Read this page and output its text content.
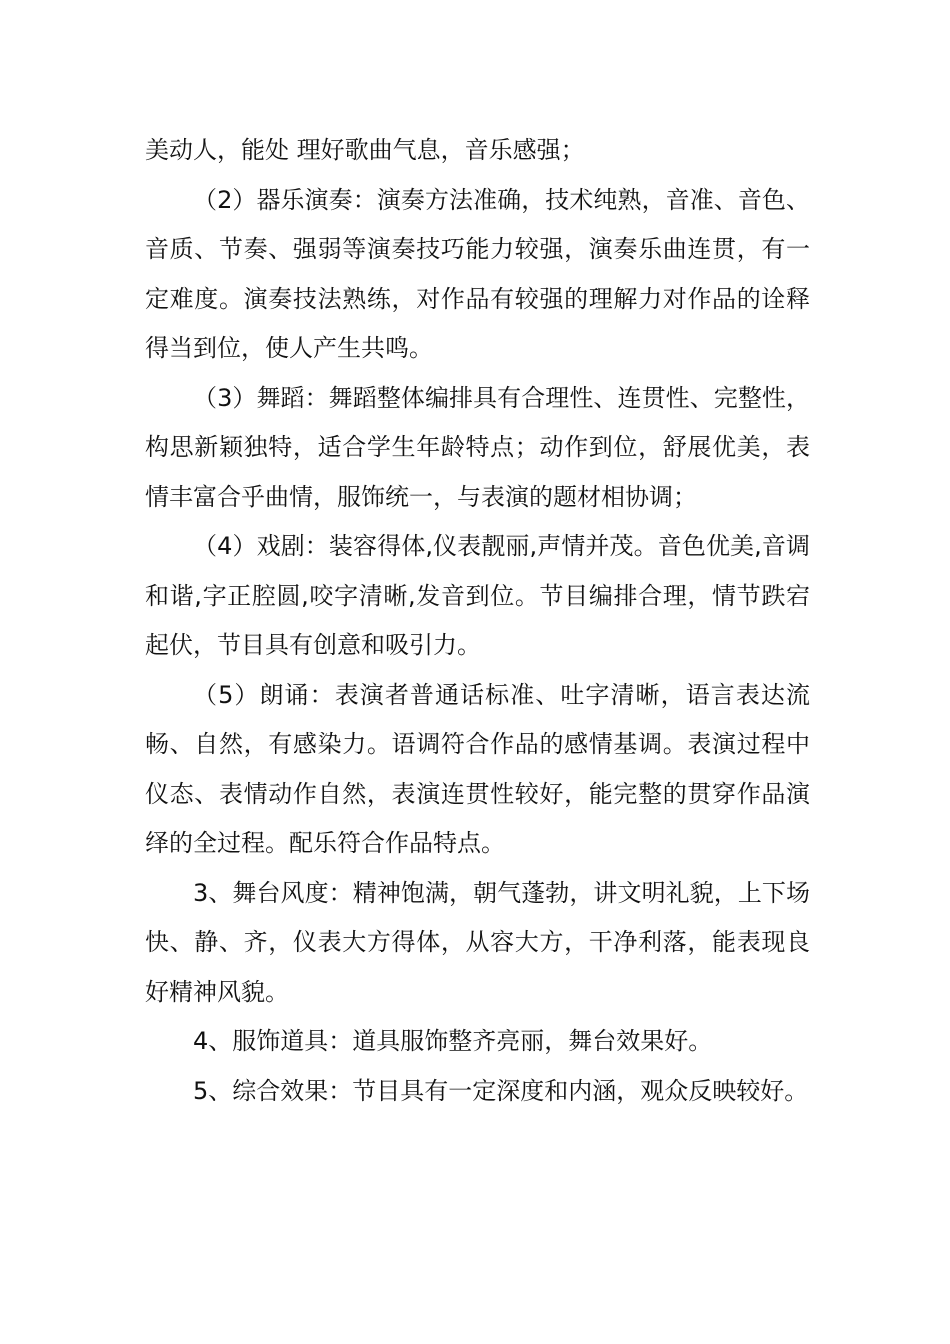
美动人，能处 理好歌曲气息，音乐感强；

（2）器乐演奏：演奏方法准确，技术纯熟，音准、音色、音质、节奏、强弱等演奏技巧能力较强，演奏乐曲连贯，有一定难度。演奏技法熟练，对作品有较强的理解力对作品的诠释得当到位，使人产生共鸣。

（3）舞蹈：舞蹈整体编排具有合理性、连贯性、完整性，构思新颖独特，适合学生年龄特点；动作到位，舒展优美，表情丰富合乎曲情，服饰统一，与表演的题材相协调；

（4）戏剧：装容得体,仪表靓丽,声情并茂。音色优美,音调和谐,字正腔圆,咬字清晰,发音到位。节目编排合理，情节跌宕起伏，节目具有创意和吸引力。

（5）朗诵：表演者普通话标准、吐字清晰，语言表达流畅、自然，有感染力。语调符合作品的感情基调。表演过程中仪态、表情动作自然，表演连贯性较好，能完整的贯穿作品演绎的全过程。配乐符合作品特点。

3、舞台风度：精神饱满，朝气蓬勃，讲文明礼貌，上下场 快、静、齐，仪表大方得体，从容大方，干净利落，能表现良好精神风貌。

4、服饰道具：道具服饰整齐亮丽，舞台效果好。

5、综合效果：节目具有一定深度和内涵，观众反映较好。
